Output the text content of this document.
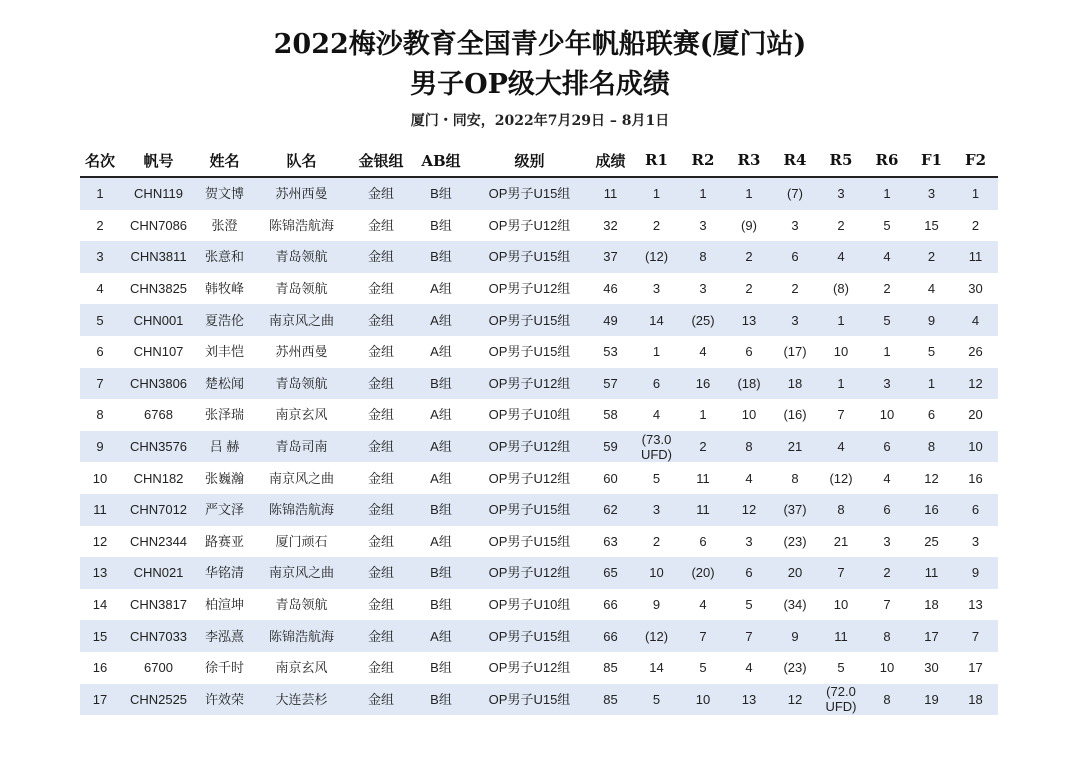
2022梅沙教育全国青少年帆船联赛(厦门站)
男子OP级大排名成绩
厦门・同安，2022年7月29日 – 8月1日
名次	帆号	姓名	队名	金银组	AB组	级别	成绩	R1	R2	R3	R4	R5	R6	F1	F2
1	CHN119	贺文博	苏州西曼	金组	B组	OP男子U15组	11	1	1	1	(7)	3	1	3	1
2	CHN7086	张澄	陈锦浩航海	金组	B组	OP男子U12组	32	2	3	(9)	3	2	5	15	2
3	CHN3811	张意和	青岛领航	金组	B组	OP男子U15组	37	(12)	8	2	6	4	4	2	11
4	CHN3825	韩牧峰	青岛领航	金组	A组	OP男子U12组	46	3	3	2	2	(8)	2	4	30
5	CHN001	夏浩伦	南京风之曲	金组	A组	OP男子U15组	49	14	(25)	13	3	1	5	9	4
6	CHN107	刘丰恺	苏州西曼	金组	A组	OP男子U15组	53	1	4	6	(17)	10	1	5	26
7	CHN3806	楚松闻	青岛领航	金组	B组	OP男子U12组	57	6	16	(18)	18	1	3	1	12
8	6768	张泽瑞	南京玄风	金组	A组	OP男子U10组	58	4	1	10	(16)	7	10	6	20
9	CHN3576	吕 赫	青岛司南	金组	A组	OP男子U12组	59	(73.0 UFD)	2	8	21	4	6	8	10
10	CHN182	张巍瀚	南京风之曲	金组	A组	OP男子U12组	60	5	11	4	8	(12)	4	12	16
11	CHN7012	严文泽	陈锦浩航海	金组	B组	OP男子U15组	62	3	11	12	(37)	8	6	16	6
12	CHN2344	路赛亚	厦门顽石	金组	A组	OP男子U15组	63	2	6	3	(23)	21	3	25	3
13	CHN021	华铭清	南京风之曲	金组	B组	OP男子U12组	65	10	(20)	6	20	7	2	11	9
14	CHN3817	柏渲坤	青岛领航	金组	B组	OP男子U10组	66	9	4	5	(34)	10	7	18	13
15	CHN7033	李泓熹	陈锦浩航海	金组	A组	OP男子U15组	66	(12)	7	7	9	11	8	17	7
16	6700	徐千时	南京玄风	金组	B组	OP男子U12组	85	14	5	4	(23)	5	10	30	17
17	CHN2525	许效荣	大连芸杉	金组	B组	OP男子U15组	85	5	10	13	12	(72.0 UFD)	8	19	18
